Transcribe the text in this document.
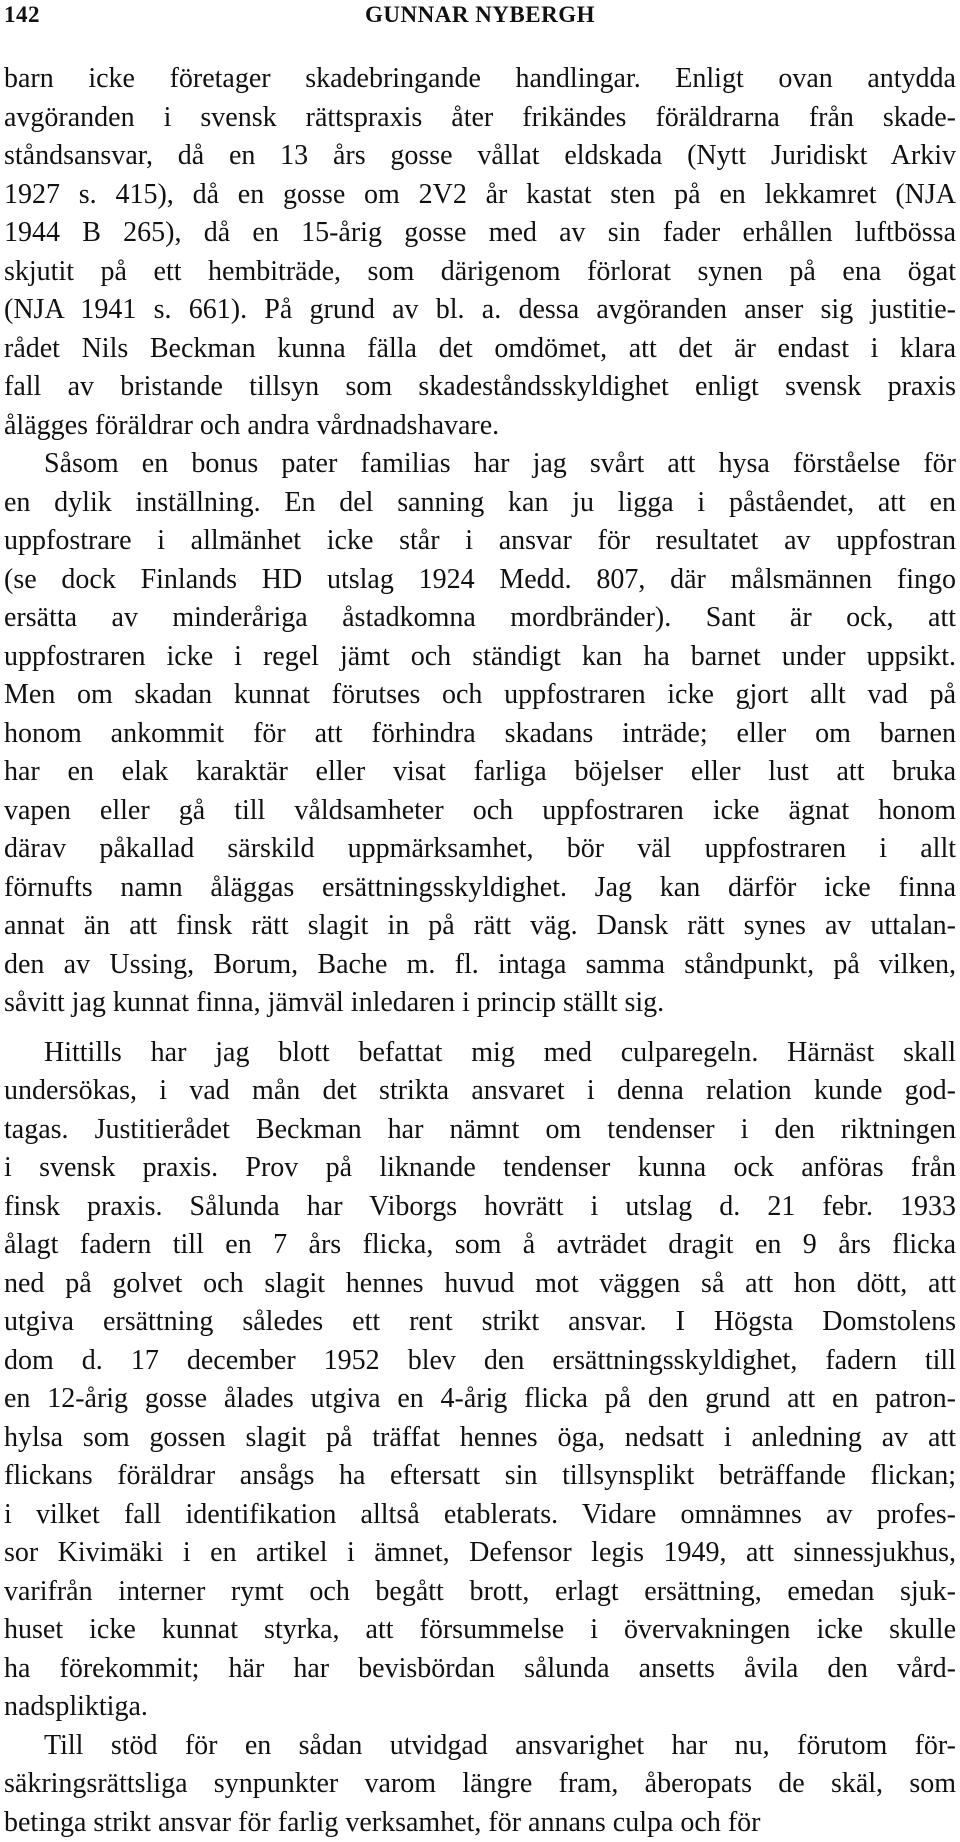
142	GUNNAR NYBERGH
barn icke företager skadebringande handlingar. Enligt ovan antydda
avgöranden i svensk rättspraxis åter frikändes föräldrarna från skade-
ståndsansvar, då en 13 års gosse vållat eldskada (Nytt Juridiskt Arkiv
1927 s. 415), då en gosse om 2V2 år kastat sten på en lekkamret (NJA
1944 B 265), då en 15-årig gosse med av sin fader erhållen luftbössa
skjutit på ett hembiträde, som därigenom förlorat synen på ena ögat
(NJA 1941 s. 661). På grund av bl. a. dessa avgöranden anser sig justitie-
rådet Nils Beckman kunna fälla det omdömet, att det är endast i klara
fall av bristande tillsyn som skadeståndsskyldighet enligt svensk praxis
ålägges föräldrar och andra vårdnadshavare.
Såsom en bonus pater familias har jag svårt att hysa förståelse för
en dylik inställning. En del sanning kan ju ligga i påståendet, att en
uppfostrare i allmänhet icke står i ansvar för resultatet av uppfostran
(se dock Finlands HD utslag 1924 Medd. 807, där målsmännen fingo
ersätta av minderåriga åstadkomna mordbränder). Sant är ock, att
uppfostraren icke i regel jämt och ständigt kan ha barnet under uppsikt.
Men om skadan kunnat förutses och uppfostraren icke gjort allt vad på
honom ankommit för att förhindra skadans inträde; eller om barnen
har en elak karaktär eller visat farliga böjelser eller lust att bruka
vapen eller gå till våldsamheter och uppfostraren icke ägnat honom
därav påkallad särskild uppmärksamhet, bör väl uppfostraren i allt
förnufts namn åläggas ersättningsskyldighet. Jag kan därför icke finna
annat än att finsk rätt slagit in på rätt väg. Dansk rätt synes av uttalan-
den av Ussing, Borum, Bache m. fl. intaga samma ståndpunkt, på vilken,
såvitt jag kunnat finna, jämväl inledaren i princip ställt sig.
Hittills har jag blott befattat mig med culparegeln. Härnäst skall
undersökas, i vad mån det strikta ansvaret i denna relation kunde god-
tagas. Justitierådet Beckman har nämnt om tendenser i den riktningen
i svensk praxis. Prov på liknande tendenser kunna ock anföras från
finsk praxis. Sålunda har Viborgs hovrätt i utslag d. 21 febr. 1933
ålagt fadern till en 7 års flicka, som å avträdet dragit en 9 års flicka
ned på golvet och slagit hennes huvud mot väggen så att hon dött, att
utgiva ersättning således ett rent strikt ansvar. I Högsta Domstolens
dom d. 17 december 1952 blev den ersättningsskyldighet, fadern till
en 12-årig gosse ålades utgiva en 4-årig flicka på den grund att en patron-
hylsa som gossen slagit på träffat hennes öga, nedsatt i anledning av att
flickans föräldrar ansågs ha eftersatt sin tillsynsplikt beträffande flickan;
i vilket fall identifikation alltså etablerats. Vidare omnämnes av profes-
sor Kivimäki i en artikel i ämnet, Defensor legis 1949, att sinnessjukhus,
varifrån interner rymt och begått brott, erlagt ersättning, emedan sjuk-
huset icke kunnat styrka, att försummelse i övervakningen icke skulle
ha förekommit; här har bevisbördan sålunda ansetts åvila den vård-
nadspliktiga.
Till stöd för en sådan utvidgad ansvarighet har nu, förutom för-
säkringsrättsliga synpunkter varom längre fram, åberopats de skäl, som
betinga strikt ansvar för farlig verksamhet, för annans culpa och för
